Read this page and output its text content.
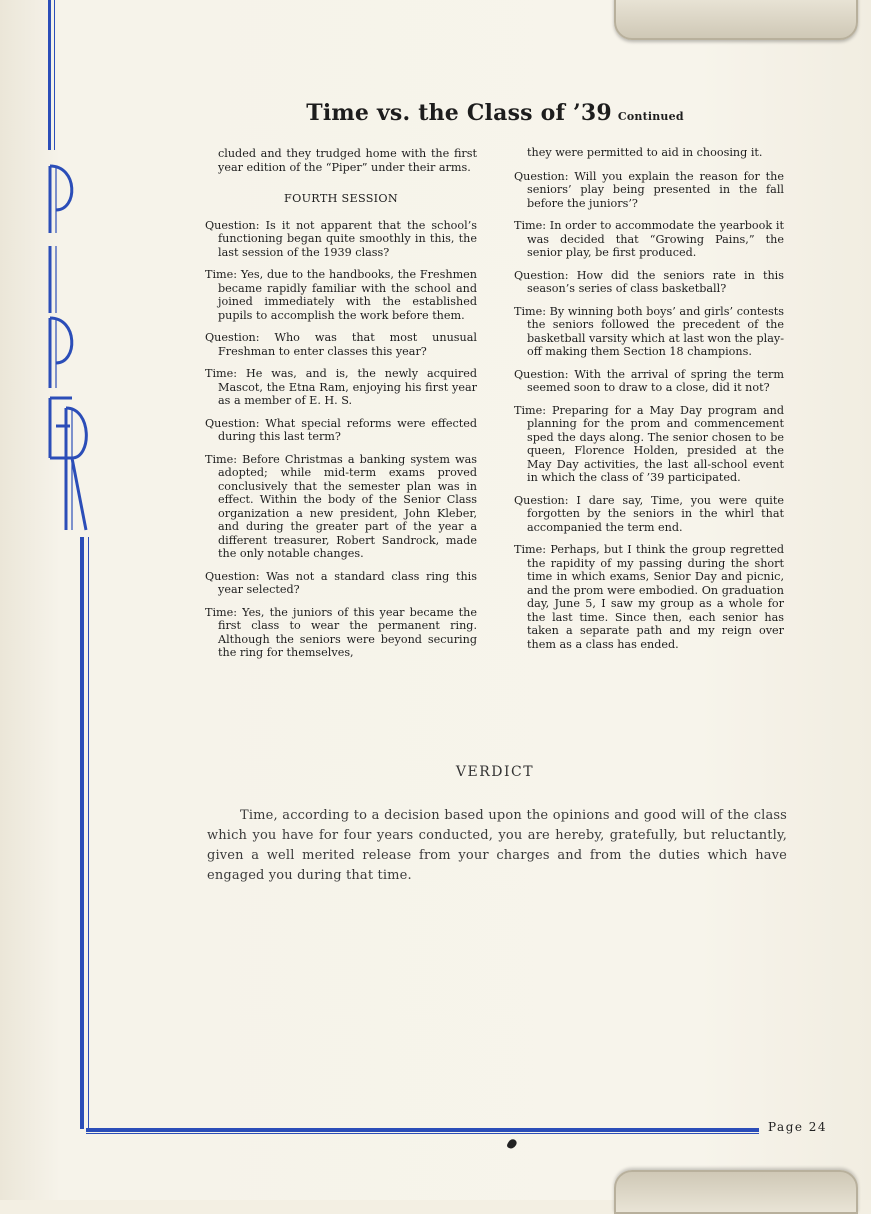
Time vs. the Class of ’39 Continued

cluded and they trudged home with the first year edition of the “Piper” under their arms.

FOURTH SESSION

Question: Is it not apparent that the school’s functioning began quite smoothly in this, the last session of the 1939 class?

Time: Yes, due to the handbooks, the Freshmen became rapidly familiar with the school and joined immediately with the established pupils to accomplish the work before them.

Question: Who was that most unusual Freshman to enter classes this year?

Time: He was, and is, the newly acquired Mascot, the Etna Ram, enjoying his first year as a member of E. H. S.

Question: What special reforms were effected during this last term?

Time: Before Christmas a banking system was adopted; while mid-term exams proved conclusively that the semester plan was in effect. Within the body of the Senior Class organization a new president, John Kleber, and during the greater part of the year a different treasurer, Robert Sandrock, made the only notable changes.

Question: Was not a standard class ring this year selected?

Time: Yes, the juniors of this year became the first class to wear the permanent ring. Although the seniors were beyond securing the ring for themselves,

they were permitted to aid in choosing it.

Question: Will you explain the reason for the seniors’ play being presented in the fall before the juniors’?

Time: In order to accommodate the yearbook it was decided that “Growing Pains,” the senior play, be first produced.

Question: How did the seniors rate in this season’s series of class basketball?

Time: By winning both boys’ and girls’ contests the seniors followed the precedent of the basketball varsity which at last won the play-off making them Section 18 champions.

Question: With the arrival of spring the term seemed soon to draw to a close, did it not?

Time: Preparing for a May Day program and planning for the prom and commencement sped the days along. The senior chosen to be queen, Florence Holden, presided at the May Day activities, the last all-school event in which the class of ’39 participated.

Question: I dare say, Time, you were quite forgotten by the seniors in the whirl that accompanied the term end.

Time: Perhaps, but I think the group regretted the rapidity of my passing during the short time in which exams, Senior Day and picnic, and the prom were embodied. On graduation day, June 5, I saw my group as a whole for the last time. Since then, each senior has taken a separate path and my reign over them as a class has ended.

VERDICT

Time, according to a decision based upon the opinions and good will of the class which you have for four years conducted, you are hereby, gratefully, but reluctantly, given a well merited release from your charges and from the duties which have engaged you during that time.

Page 24
